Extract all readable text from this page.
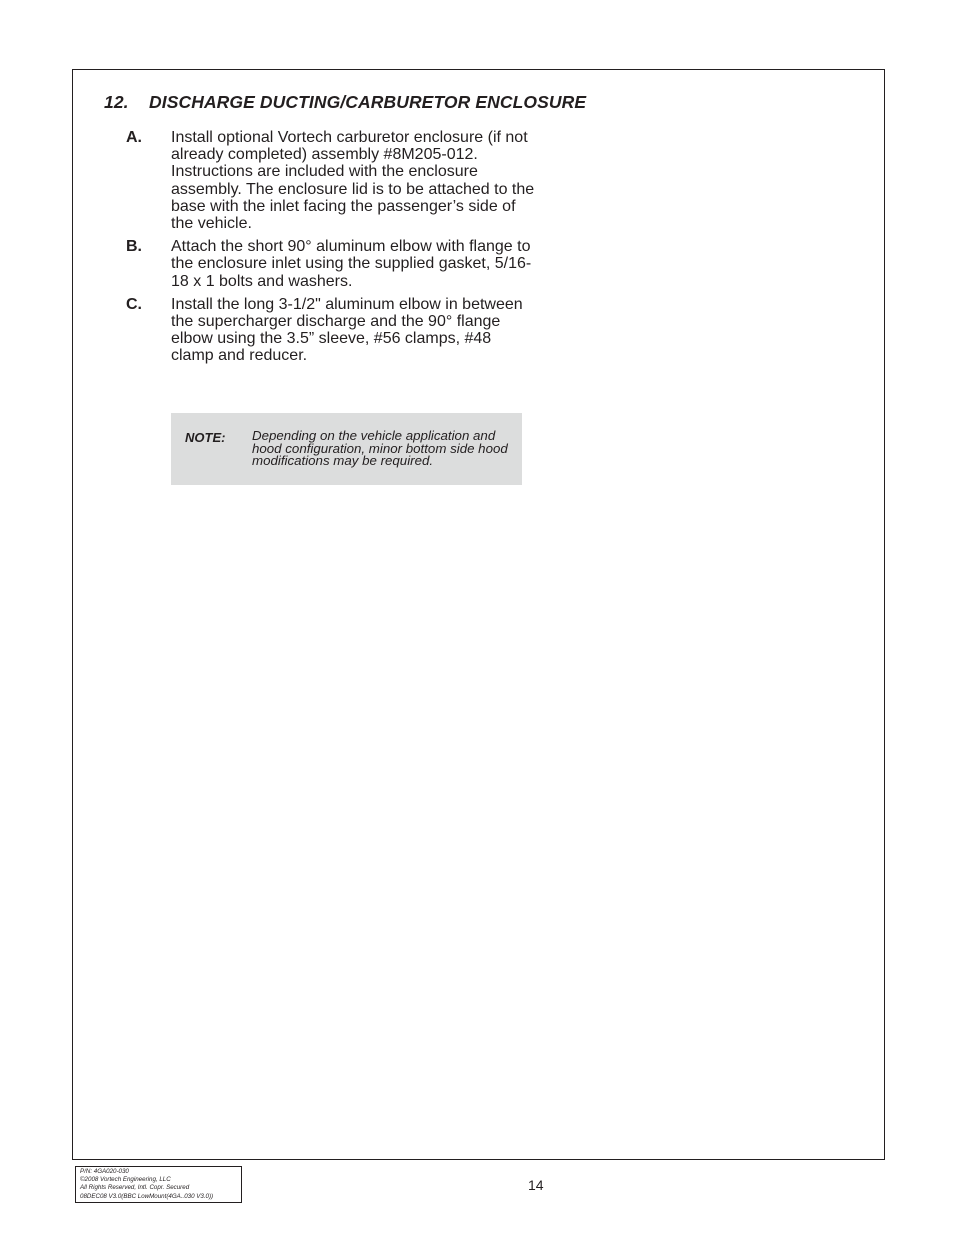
12. DISCHARGE DUCTING/CARBURETOR ENCLOSURE
A. Install optional Vortech carburetor enclosure (if not already completed) assembly #8M205-012. Instructions are included with the enclosure assembly. The enclosure lid is to be attached to the base with the inlet facing the passenger’s side of the vehicle.

B. Attach the short 90° aluminum elbow with flange to the enclosure inlet using the supplied gasket, 5/16-18 x 1 bolts and washers.

C. Install the long 3-1/2" aluminum elbow in between the supercharger discharge and the 90° flange elbow using the 3.5” sleeve, #56 clamps, #48 clamp and reducer.

NOTE: Depending on the vehicle application and hood configuration, minor bottom side hood modifications may be required.

P/N: 4GA020-030
©2008 Vortech Engineering, LLC
All Rights Reserved, Intl. Copr. Secured
08DEC08 V3.0(BBC LowMount(4GA..030 V3.0))
14
